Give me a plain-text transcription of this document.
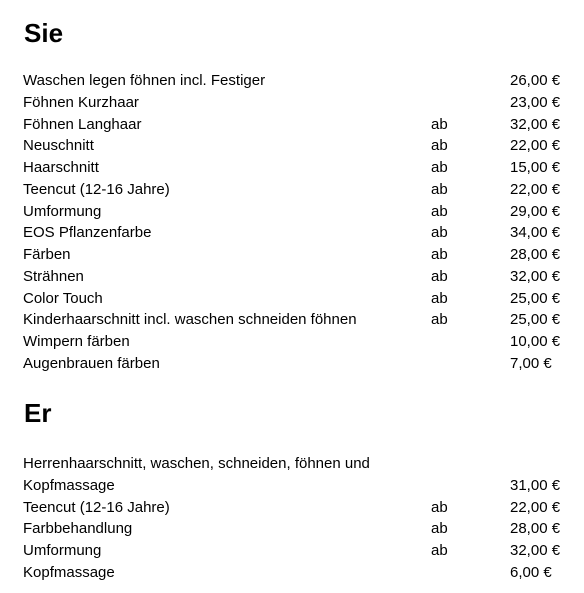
Sie
Waschen legen föhnen incl. Festiger	26,00 €
Föhnen Kurzhaar	23,00 €
Föhnen Langhaar	ab	32,00 €
Neuschnitt	ab	22,00 €
Haarschnitt	ab	15,00 €
Teencut (12-16 Jahre)	ab	22,00 €
Umformung	ab	29,00 €
EOS Pflanzenfarbe	ab	34,00 €
Färben	ab	28,00 €
Strähnen	ab	32,00 €
Color Touch	ab	25,00 €
Kinderhaarschnitt incl. waschen schneiden föhnen	ab	25,00 €
Wimpern färben	10,00 €
Augenbrauen färben	7,00 €
Er
Herrenhaarschnitt, waschen, schneiden, föhnen und Kopfmassage	31,00 €
Teencut (12-16 Jahre)	ab	22,00 €
Farbbehandlung	ab	28,00 €
Umformung	ab	32,00 €
Kopfmassage	6,00 €
